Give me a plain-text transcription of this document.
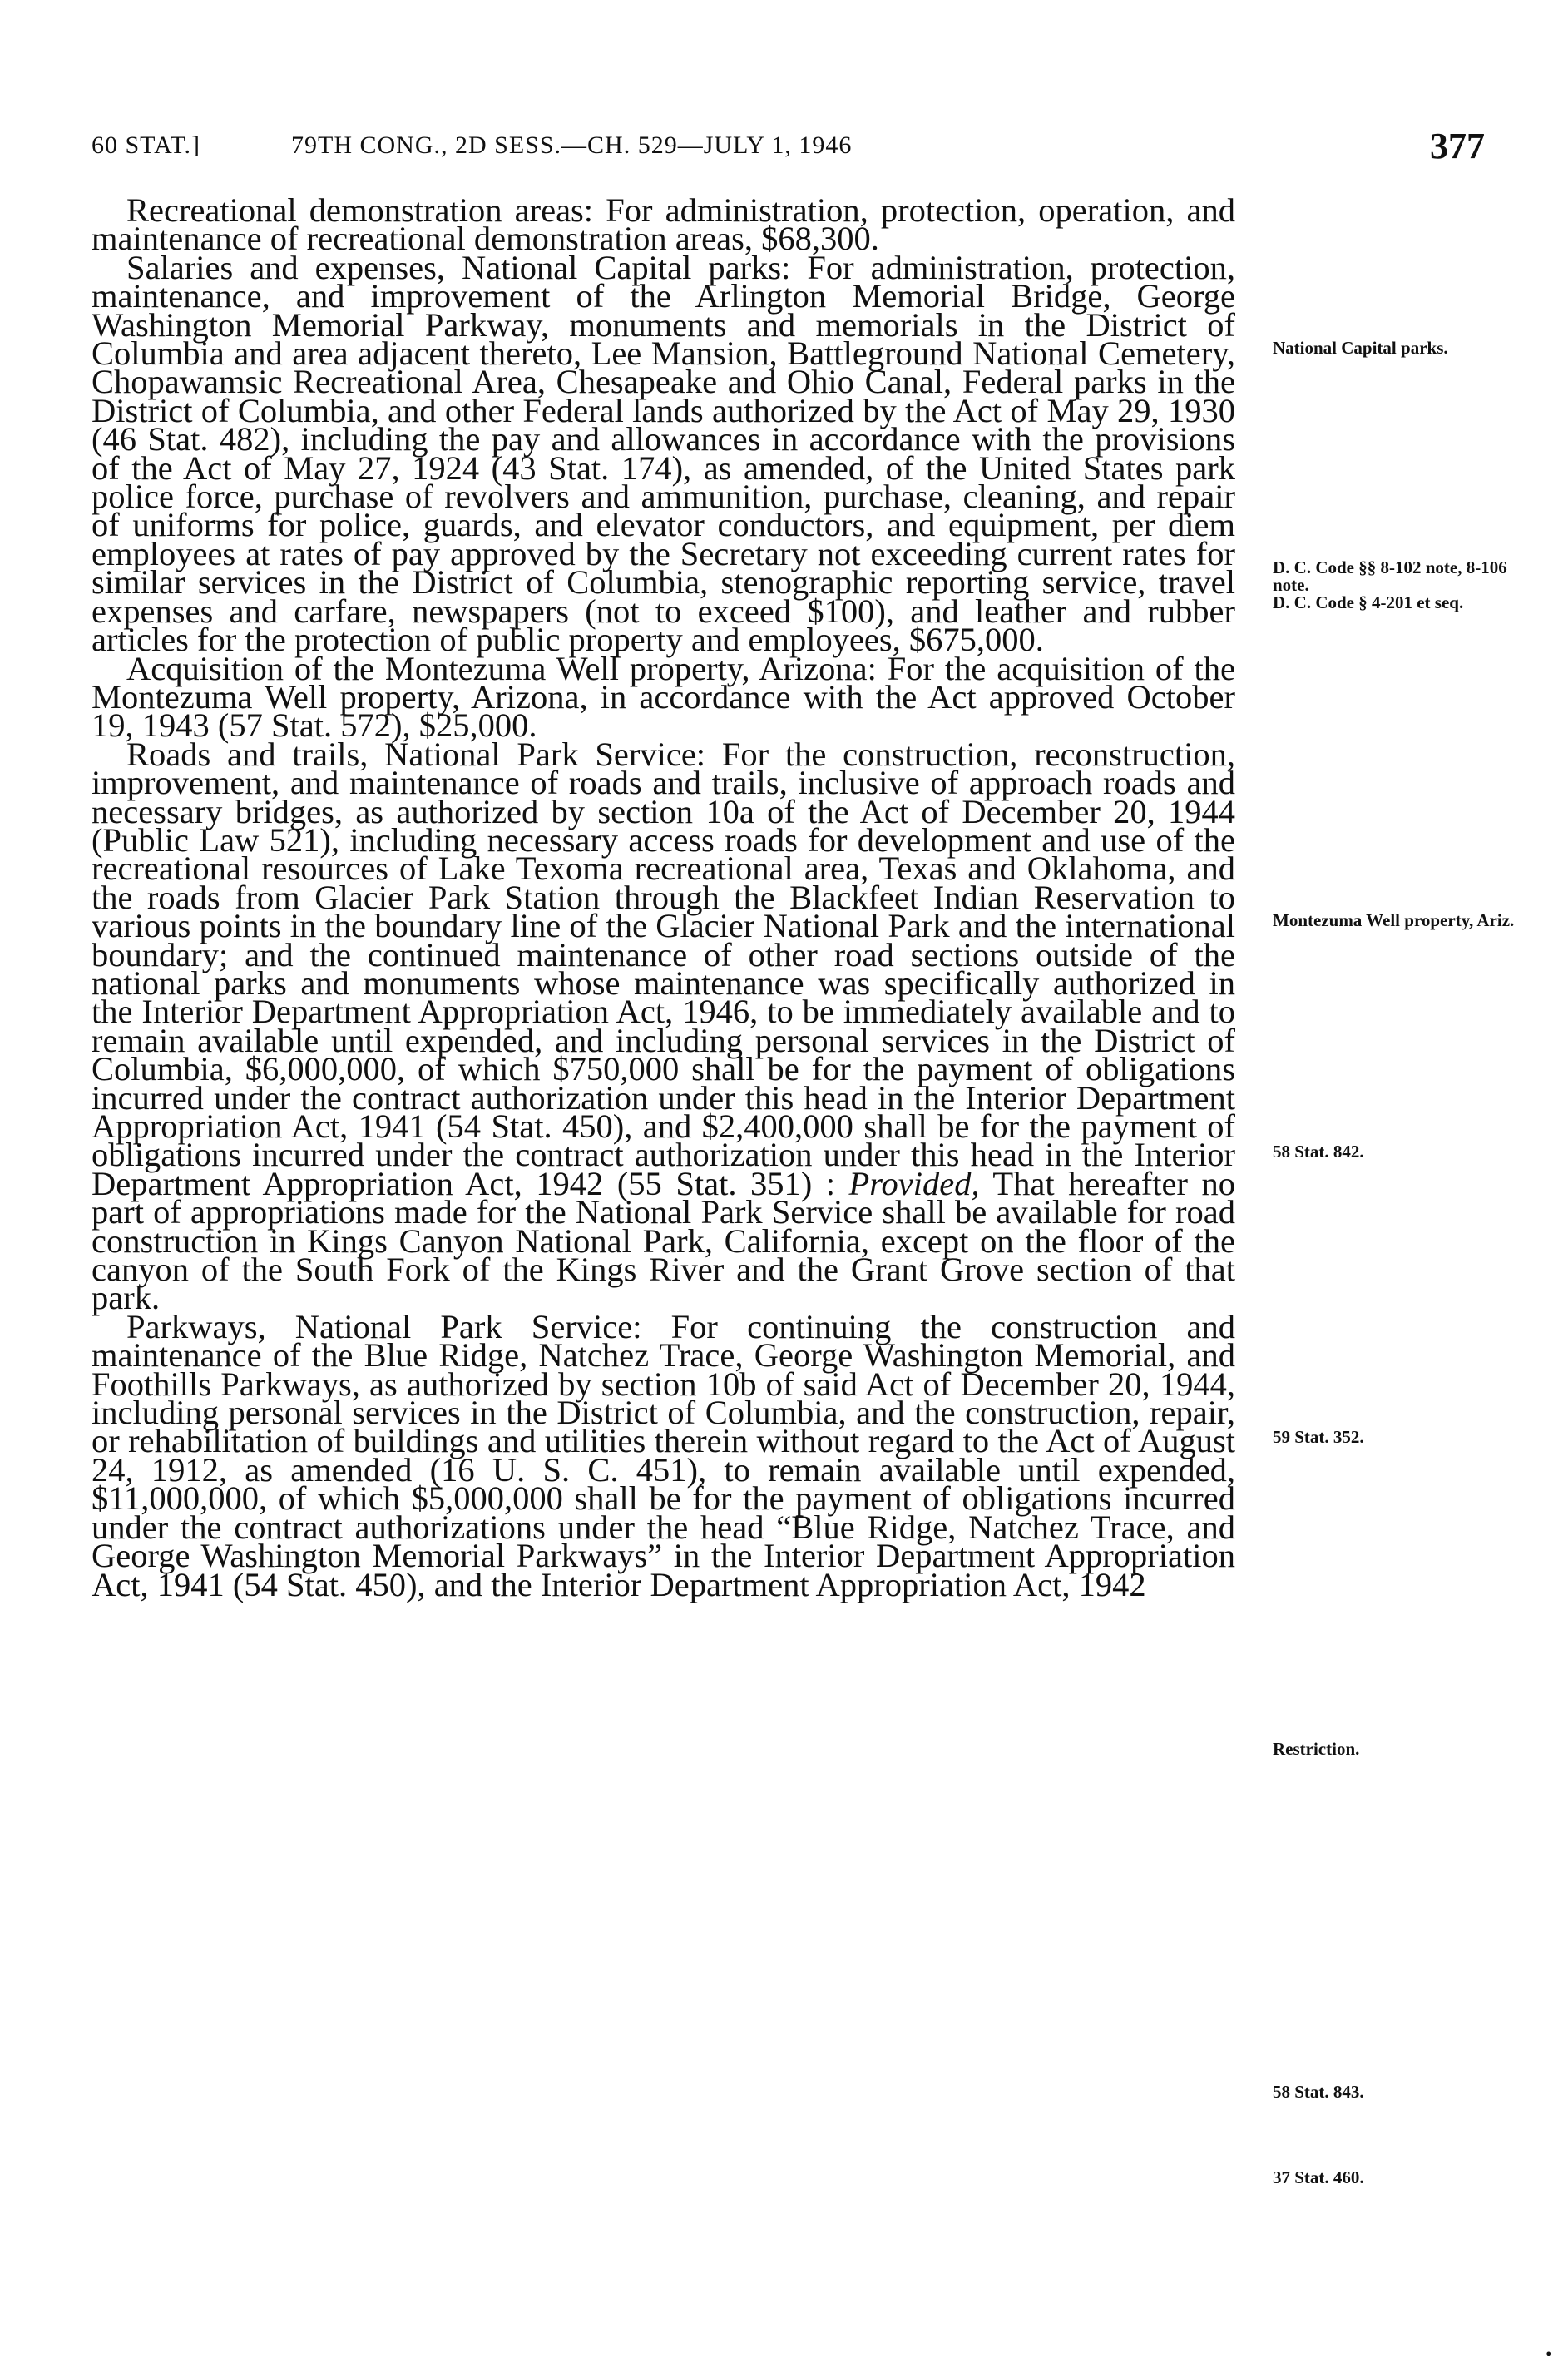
60 STAT.]	79TH CONG., 2D SESS.—CH. 529—JULY 1, 1946	377

Recreational demonstration areas: For administration, protection, operation, and maintenance of recreational demonstration areas, $68,300.

Salaries and expenses, National Capital parks: For administration, protection, maintenance, and improvement of the Arlington Memorial Bridge, George Washington Memorial Parkway, monuments and memorials in the District of Columbia and area adjacent thereto, Lee Mansion, Battleground National Cemetery, Chopawamsic Recreational Area, Chesapeake and Ohio Canal, Federal parks in the District of Columbia, and other Federal lands authorized by the Act of May 29, 1930 (46 Stat. 482), including the pay and allowances in accordance with the provisions of the Act of May 27, 1924 (43 Stat. 174), as amended, of the United States park police force, purchase of revolvers and ammunition, purchase, cleaning, and repair of uniforms for police, guards, and elevator conductors, and equipment, per diem employees at rates of pay approved by the Secretary not exceeding current rates for similar services in the District of Columbia, stenographic reporting service, travel expenses and carfare, newspapers (not to exceed $100), and leather and rubber articles for the protection of public property and employees, $675,000.

Acquisition of the Montezuma Well property, Arizona: For the acquisition of the Montezuma Well property, Arizona, in accordance with the Act approved October 19, 1943 (57 Stat. 572), $25,000.

Roads and trails, National Park Service: For the construction, reconstruction, improvement, and maintenance of roads and trails, inclusive of approach roads and necessary bridges, as authorized by section 10a of the Act of December 20, 1944 (Public Law 521), including necessary access roads for development and use of the recreational resources of Lake Texoma recreational area, Texas and Oklahoma, and the roads from Glacier Park Station through the Blackfeet Indian Reservation to various points in the boundary line of the Glacier National Park and the international boundary; and the continued maintenance of other road sections outside of the national parks and monuments whose maintenance was specifically authorized in the Interior Department Appropriation Act, 1946, to be immediately available and to remain available until expended, and including personal services in the District of Columbia, $6,000,000, of which $750,000 shall be for the payment of obligations incurred under the contract authorization under this head in the Interior Department Appropriation Act, 1941 (54 Stat. 450), and $2,400,000 shall be for the payment of obligations incurred under the contract authorization under this head in the Interior Department Appropriation Act, 1942 (55 Stat. 351) : Provided, That hereafter no part of appropriations made for the National Park Service shall be available for road construction in Kings Canyon National Park, California, except on the floor of the canyon of the South Fork of the Kings River and the Grant Grove section of that park.

Parkways, National Park Service: For continuing the construction and maintenance of the Blue Ridge, Natchez Trace, George Washington Memorial, and Foothills Parkways, as authorized by section 10b of said Act of December 20, 1944, including personal services in the District of Columbia, and the construction, repair, or rehabilitation of buildings and utilities therein without regard to the Act of August 24, 1912, as amended (16 U. S. C. 451), to remain available until expended, $11,000,000, of which $5,000,000 shall be for the payment of obligations incurred under the contract authorizations under the head “Blue Ridge, Natchez Trace, and George Washington Memorial Parkways” in the Interior Department Appropriation Act, 1941 (54 Stat. 450), and the Interior Department Appropriation Act, 1942

National Capital parks.
D. C. Code §§ 8-102 note, 8-106 note.
D. C. Code § 4-201 et seq.
Montezuma Well property, Ariz.
58 Stat. 842.
59 Stat. 352.
Restriction.
58 Stat. 843.
37 Stat. 460.
•
